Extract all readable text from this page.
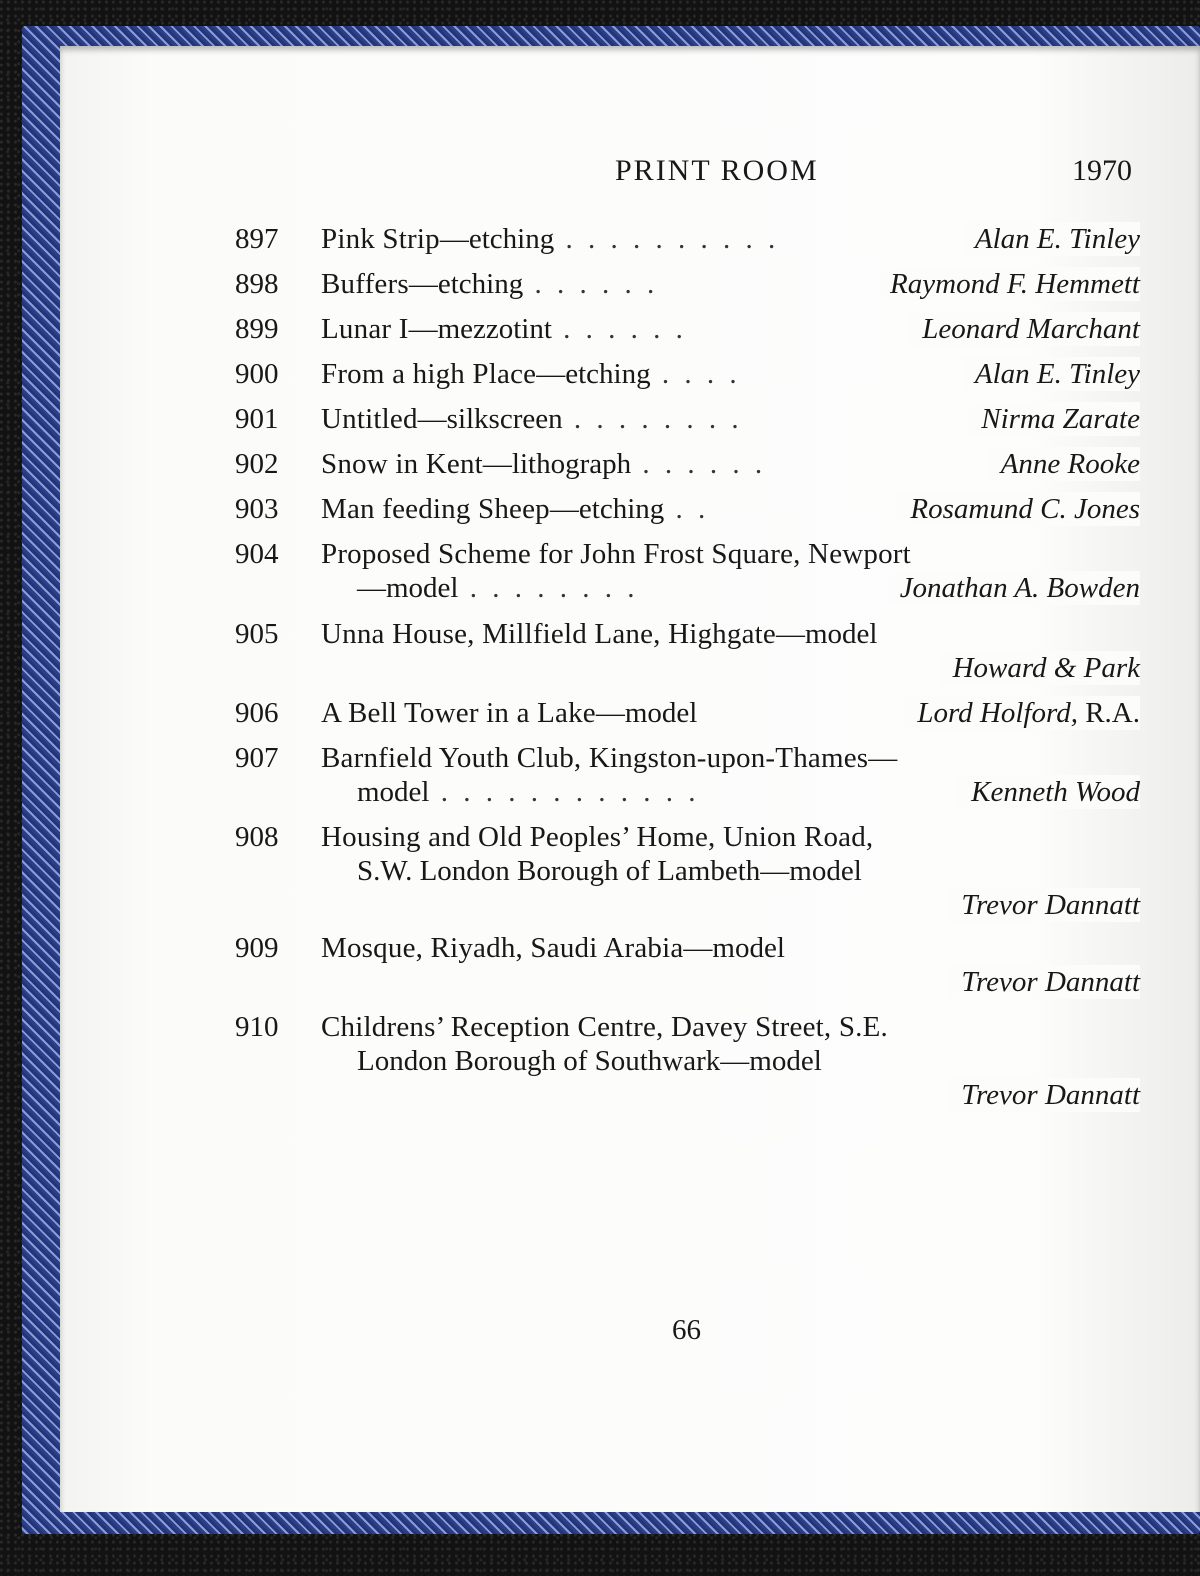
PRINT ROOM	1970
897	Pink Strip—etching . . . . . . . . . .	Alan E. Tinley
898	Buffers—etching . . . . . .	Raymond F. Hemmett
899	Lunar I—mezzotint . . . . . .	Leonard Marchant
900	From a high Place—etching . . . .	Alan E. Tinley
901	Untitled—silkscreen . . . . . . . .	Nirma Zarate
902	Snow in Kent—lithograph . . . . . .	Anne Rooke
903	Man feeding Sheep—etching . .	Rosamund C. Jones
904	Proposed Scheme for John Frost Square, Newport
—model . . . . . . . .	Jonathan A. Bowden
905	Unna House, Millfield Lane, Highgate—model
Howard & Park
906	A Bell Tower in a Lake—model	Lord Holford, R.A.
907	Barnfield Youth Club, Kingston-upon-Thames—
model . . . . . . . . . . . .	Kenneth Wood
908	Housing and Old Peoples’ Home, Union Road,
S.W. London Borough of Lambeth—model
Trevor Dannatt
909	Mosque, Riyadh, Saudi Arabia—model
Trevor Dannatt
910	Childrens’ Reception Centre, Davey Street, S.E.
London Borough of Southwark—model
Trevor Dannatt
66
